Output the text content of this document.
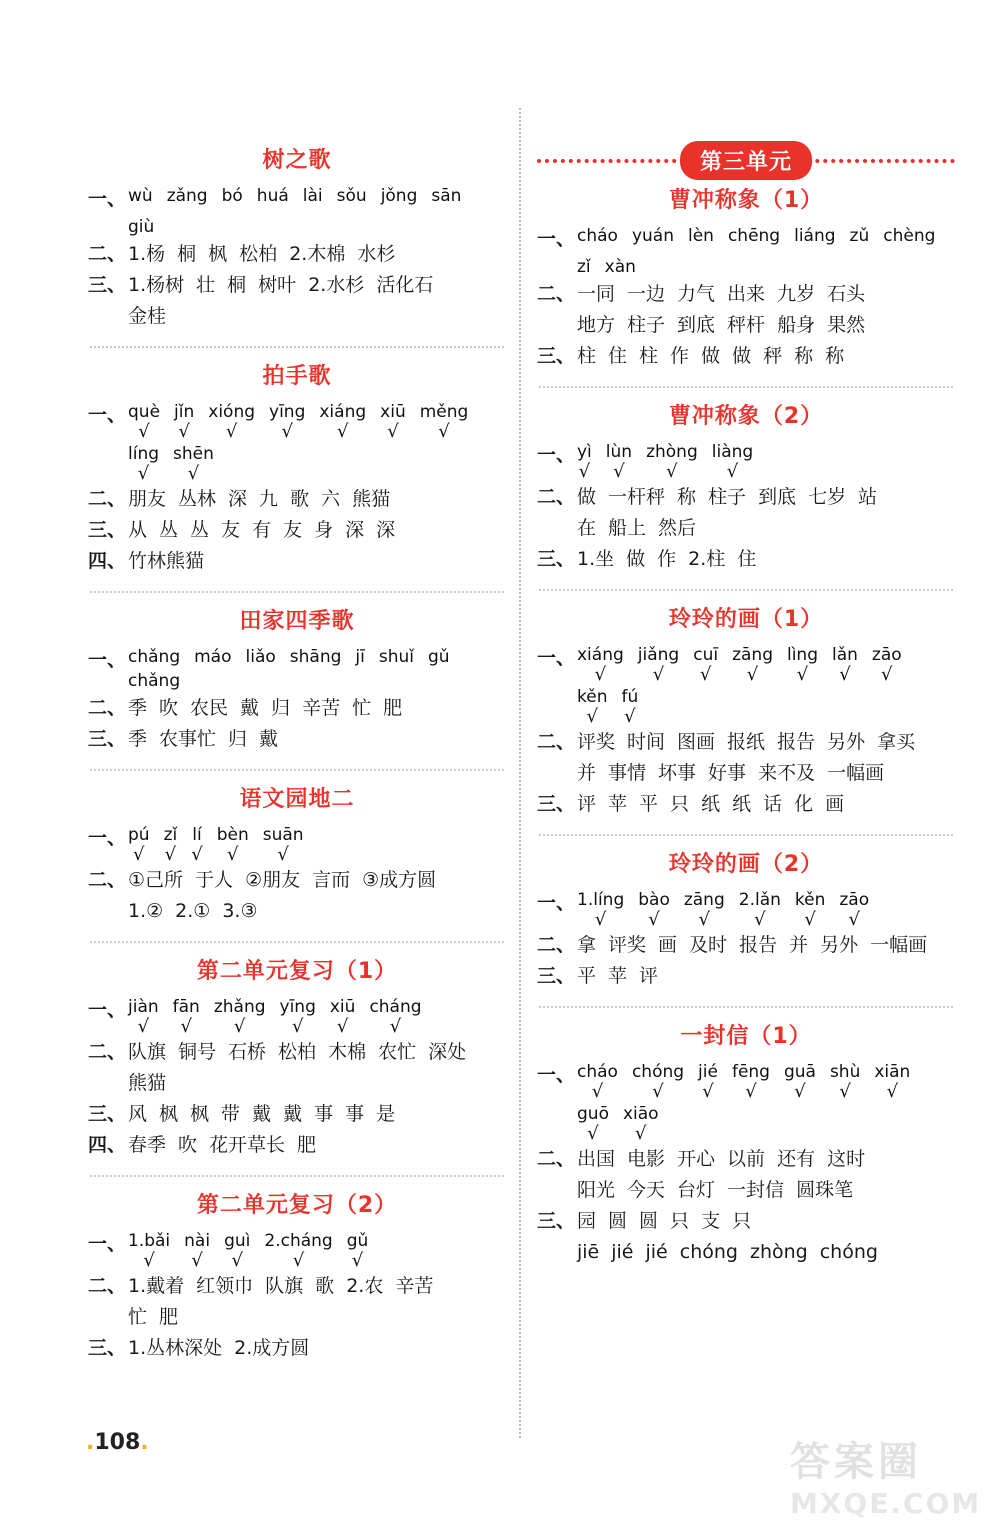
树之歌
一、 wù zǎng bó huá lài sǒu jǒng sān
giù
二、 1.杨 桐 枫 松柏 2.木棉 水杉
三、 1.杨树 壮 桐 树叶 2.水杉 活化石
金桂
拍手歌
一、 què
√
jǐn
√
xióng
√
yīng
√
xiáng
√
xiū
√
měng
√
líng
√
shēn
√
二、 朋友 丛林 深 九 歌 六 熊猫
三、 从 丛 丛 友 有 友 身 深 深
四、 竹林熊猫
田家四季歌
一、 chǎng máo liǎo shāng jī shuǐ gǔ
chǎng
二、 季 吹 农民 戴 归 辛苦 忙 肥
三、 季 农事忙 归 戴
语文园地二
一、 pú
√
zǐ
√
lí
√
bèn
√
suān
√
二、 ①己所 于人 ②朋友 言而 ③成方圆
1.② 2.① 3.③
第二单元复习（1）
一、 jiàn
√
fān
√
zhǎng
√
yīng
√
xiū
√
cháng
√
二、 队旗 铜号 石桥 松柏 木棉 农忙 深处
熊猫
三、 风 枫 枫 带 戴 戴 事 事 是
四、 春季 吹 花开草长 肥
第二单元复习（2）
一、 1.bǎi
√
nài
√
guì
√
2.cháng
√
gǔ
√
二、 1.戴着 红领巾 队旗 歌 2.农 辛苦
忙 肥
三、 1.丛林深处 2.成方圆
第三单元
曹冲称象（1）
一、 cháo yuán lèn chēng liáng zǔ chèng
zǐ xàn
二、 一同 一边 力气 出来 九岁 石头
地方 柱子 到底 秤杆 船身 果然
三、 柱 住 柱 作 做 做 秤 称 称
曹冲称象（2）
一、 yì
√
lùn
√
zhòng
√
liàng
√
二、 做 一杆秤 称 柱子 到底 七岁 站
在 船上 然后
三、 1.坐 做 作 2.柱 住
玲玲的画（1）
一、 xiáng
√
jiǎng
√
cuī
√
zāng
√
lìng
√
lǎn
√
zāo
√
kěn
√
fú
√
二、 评奖 时间 图画 报纸 报告 另外 拿买
并 事情 坏事 好事 来不及 一幅画
三、 评 苹 平 只 纸 纸 话 化 画
玲玲的画（2）
一、 1.líng
√
bào
√
zāng
√
2.lǎn
√
kěn
√
zāo
√
二、 拿 评奖 画 及时 报告 并 另外 一幅画
三、 平 苹 评
一封信（1）
一、 cháo
√
chóng
√
jié
√
fēng
√
guā
√
shù
√
xiān
√
guō
√
xiāo
√
二、 出国 电影 开心 以前 还有 这时
阳光 今天 台灯 一封信 圆珠笔
三、 园 圆 圆 只 支 只
jiē jié jié chóng zhòng chóng
.108.	答案圈
MXQE.COM
